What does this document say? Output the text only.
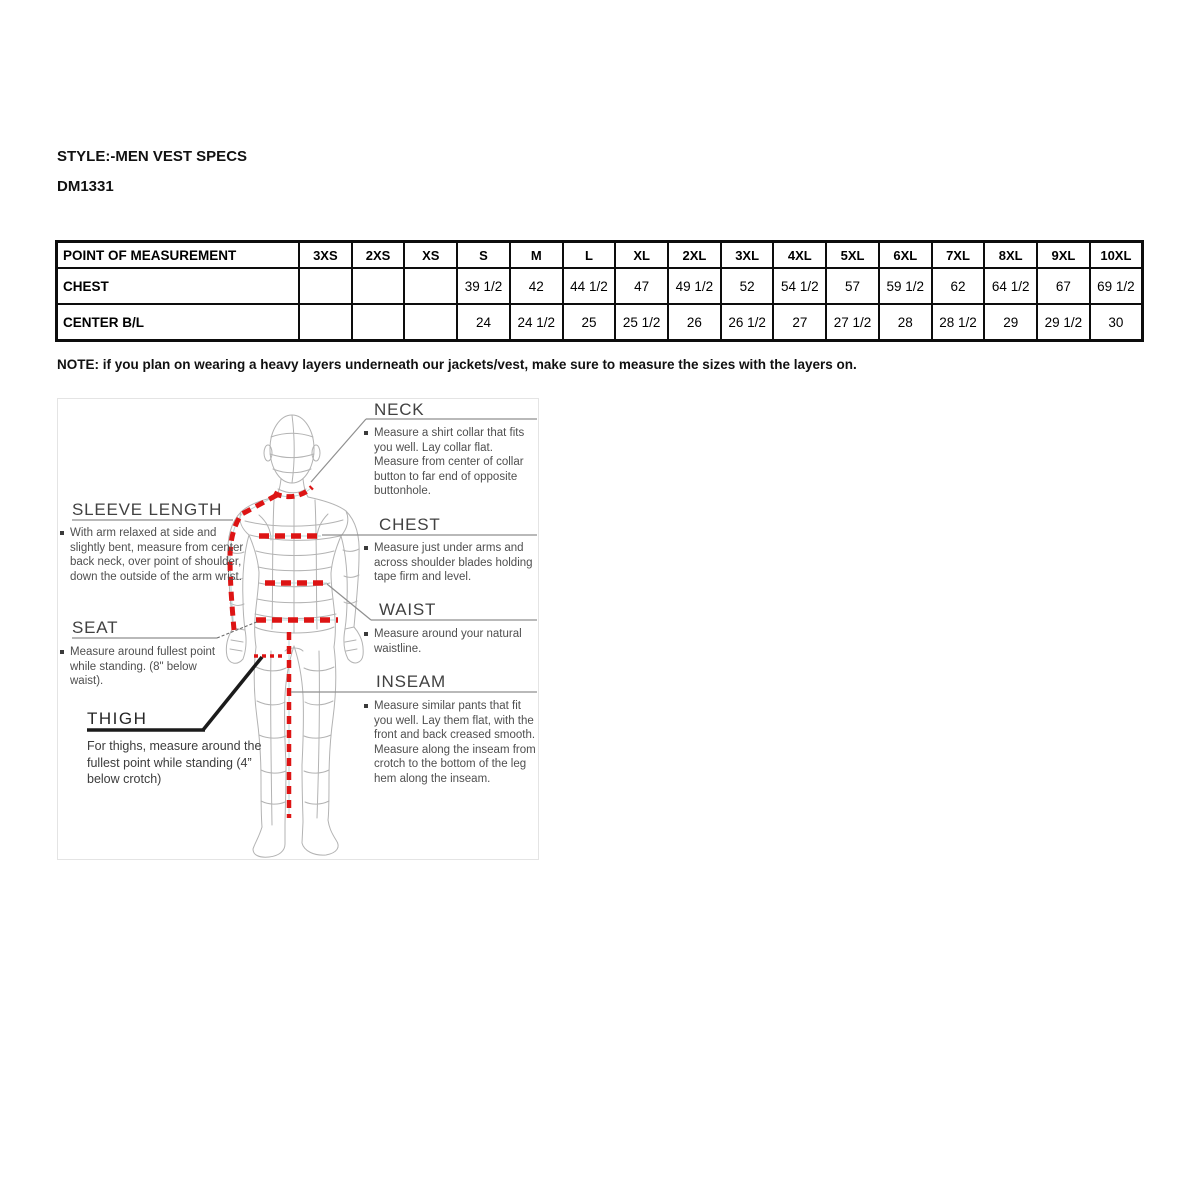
STYLE:-MEN VEST SPECS
DM1331
POINT OF MEASUREMENT	3XS	2XS	XS	S	M	L	XL	2XL	3XL	4XL	5XL	6XL	7XL	8XL	9XL	10XL
CHEST				39 1/2	42	44 1/2	47	49 1/2	52	54 1/2	57	59 1/2	62	64 1/2	67	69 1/2
CENTER B/L				24	24 1/2	25	25 1/2	26	26 1/2	27	27 1/2	28	28 1/2	29	29 1/2	30
NOTE: if you plan on wearing a heavy layers underneath our jackets/vest, make sure to measure the sizes with the layers on.
NECK
Measure a shirt collar that fits you well. Lay collar flat. Measure from center of collar button to far end of opposite buttonhole.
SLEEVE LENGTH
With arm relaxed at side and slightly bent, measure from center back neck, over point of shoulder, down the outside of the arm wrist.
CHEST
Measure just under arms and across shoulder blades holding tape firm and level.
WAIST
Measure around your natural waistline.
SEAT
Measure around fullest point while standing. (8" below waist).	INSEAM
Measure similar pants that fit you well. Lay them flat, with the front and back creased smooth. Measure along the inseam from crotch to the bottom of the leg hem along the inseam.
THIGH
For thighs, measure around the fullest point while standing (4” below crotch)
